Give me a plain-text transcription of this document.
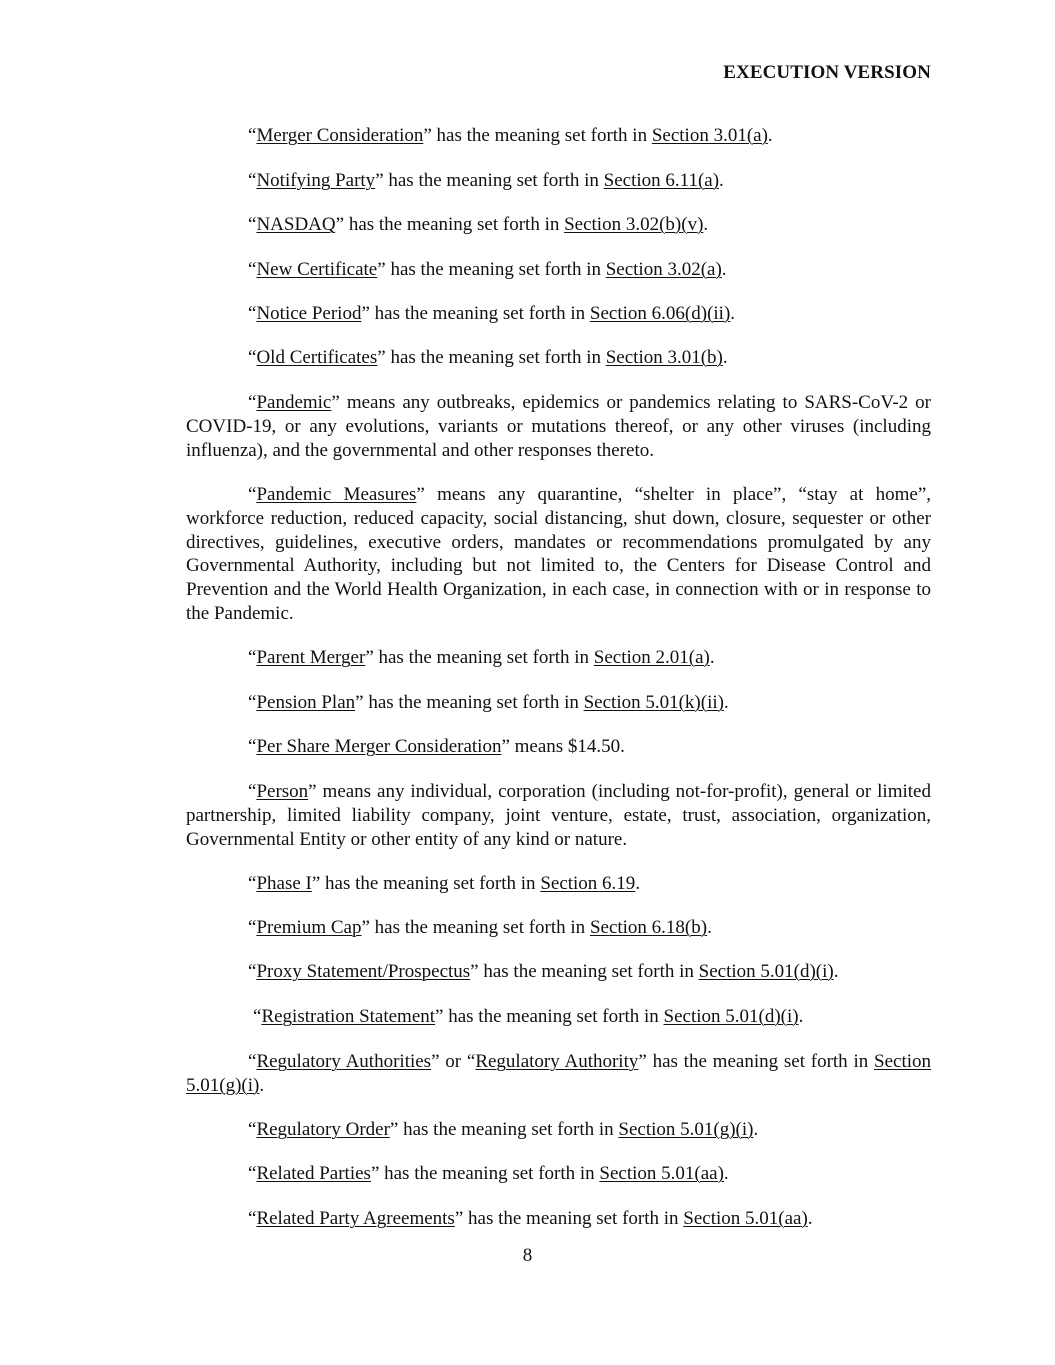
EXECUTION VERSION

“Merger Consideration” has the meaning set forth in Section 3.01(a).

“Notifying Party” has the meaning set forth in Section 6.11(a).

“NASDAQ” has the meaning set forth in Section 3.02(b)(v).

“New Certificate” has the meaning set forth in Section 3.02(a).

“Notice Period” has the meaning set forth in Section 6.06(d)(ii).

“Old Certificates” has the meaning set forth in Section 3.01(b).

“Pandemic” means any outbreaks, epidemics or pandemics relating to SARS-CoV-2 or COVID-19, or any evolutions, variants or mutations thereof, or any other viruses (including influenza), and the governmental and other responses thereto.

“Pandemic Measures” means any quarantine, “shelter in place”, “stay at home”, workforce reduction, reduced capacity, social distancing, shut down, closure, sequester or other directives, guidelines, executive orders, mandates or recommendations promulgated by any Governmental Authority, including but not limited to, the Centers for Disease Control and Prevention and the World Health Organization, in each case, in connection with or in response to the Pandemic.

“Parent Merger” has the meaning set forth in Section 2.01(a).

“Pension Plan” has the meaning set forth in Section 5.01(k)(ii).

“Per Share Merger Consideration” means $14.50.

“Person” means any individual, corporation (including not-for-profit), general or limited partnership, limited liability company, joint venture, estate, trust, association, organization, Governmental Entity or other entity of any kind or nature.

“Phase I” has the meaning set forth in Section 6.19.

“Premium Cap” has the meaning set forth in Section 6.18(b).

“Proxy Statement/Prospectus” has the meaning set forth in Section 5.01(d)(i).

“Registration Statement” has the meaning set forth in Section 5.01(d)(i).

“Regulatory Authorities” or “Regulatory Authority” has the meaning set forth in Section 5.01(g)(i).

“Regulatory Order” has the meaning set forth in Section 5.01(g)(i).

“Related Parties” has the meaning set forth in Section 5.01(aa).

“Related Party Agreements” has the meaning set forth in Section 5.01(aa).

8
